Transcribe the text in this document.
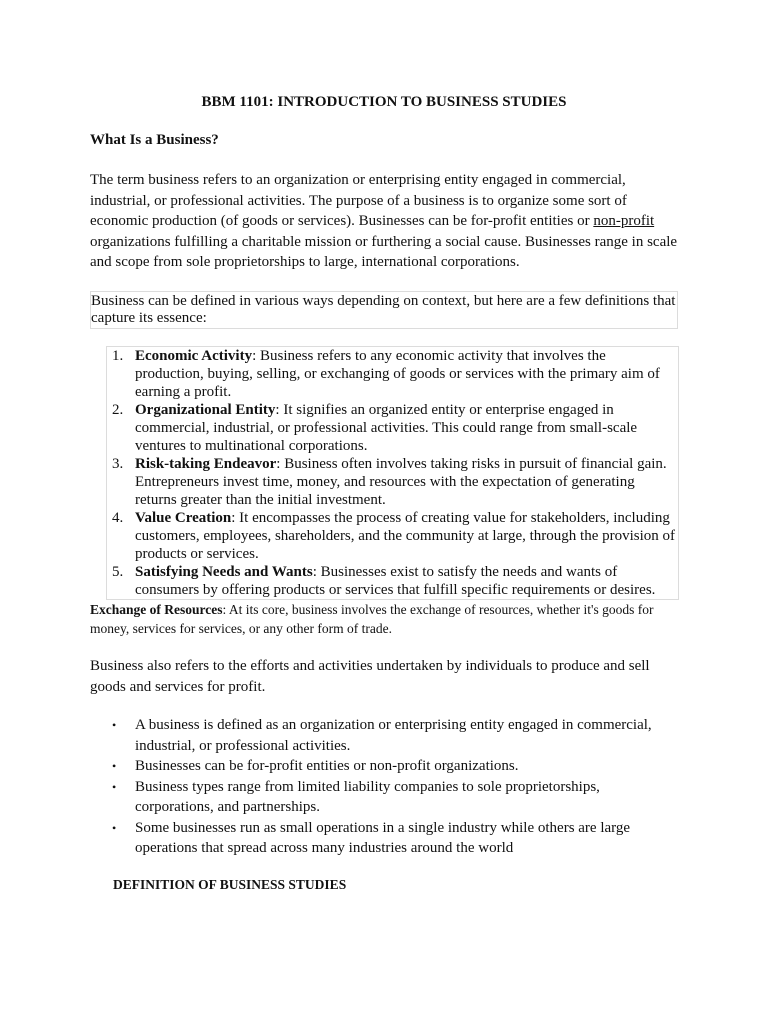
BBM 1101: INTRODUCTION TO BUSINESS STUDIES
What Is a Business?
The term business refers to an organization or enterprising entity engaged in commercial, industrial, or professional activities. The purpose of a business is to organize some sort of economic production (of goods or services). Businesses can be for-profit entities or non-profit organizations fulfilling a charitable mission or furthering a social cause. Businesses range in scale and scope from sole proprietorships to large, international corporations.
Business can be defined in various ways depending on context, but here are a few definitions that capture its essence:
1. Economic Activity: Business refers to any economic activity that involves the production, buying, selling, or exchanging of goods or services with the primary aim of earning a profit.
2. Organizational Entity: It signifies an organized entity or enterprise engaged in commercial, industrial, or professional activities. This could range from small-scale ventures to multinational corporations.
3. Risk-taking Endeavor: Business often involves taking risks in pursuit of financial gain. Entrepreneurs invest time, money, and resources with the expectation of generating returns greater than the initial investment.
4. Value Creation: It encompasses the process of creating value for stakeholders, including customers, employees, shareholders, and the community at large, through the provision of products or services.
5. Satisfying Needs and Wants: Businesses exist to satisfy the needs and wants of consumers by offering products or services that fulfill specific requirements or desires.
Exchange of Resources: At its core, business involves the exchange of resources, whether it's goods for money, services for services, or any other form of trade.
Business also refers to the efforts and activities undertaken by individuals to produce and sell goods and services for profit.
• A business is defined as an organization or enterprising entity engaged in commercial, industrial, or professional activities.
• Businesses can be for-profit entities or non-profit organizations.
• Business types range from limited liability companies to sole proprietorships, corporations, and partnerships.
• Some businesses run as small operations in a single industry while others are large operations that spread across many industries around the world
DEFINITION OF BUSINESS STUDIES
